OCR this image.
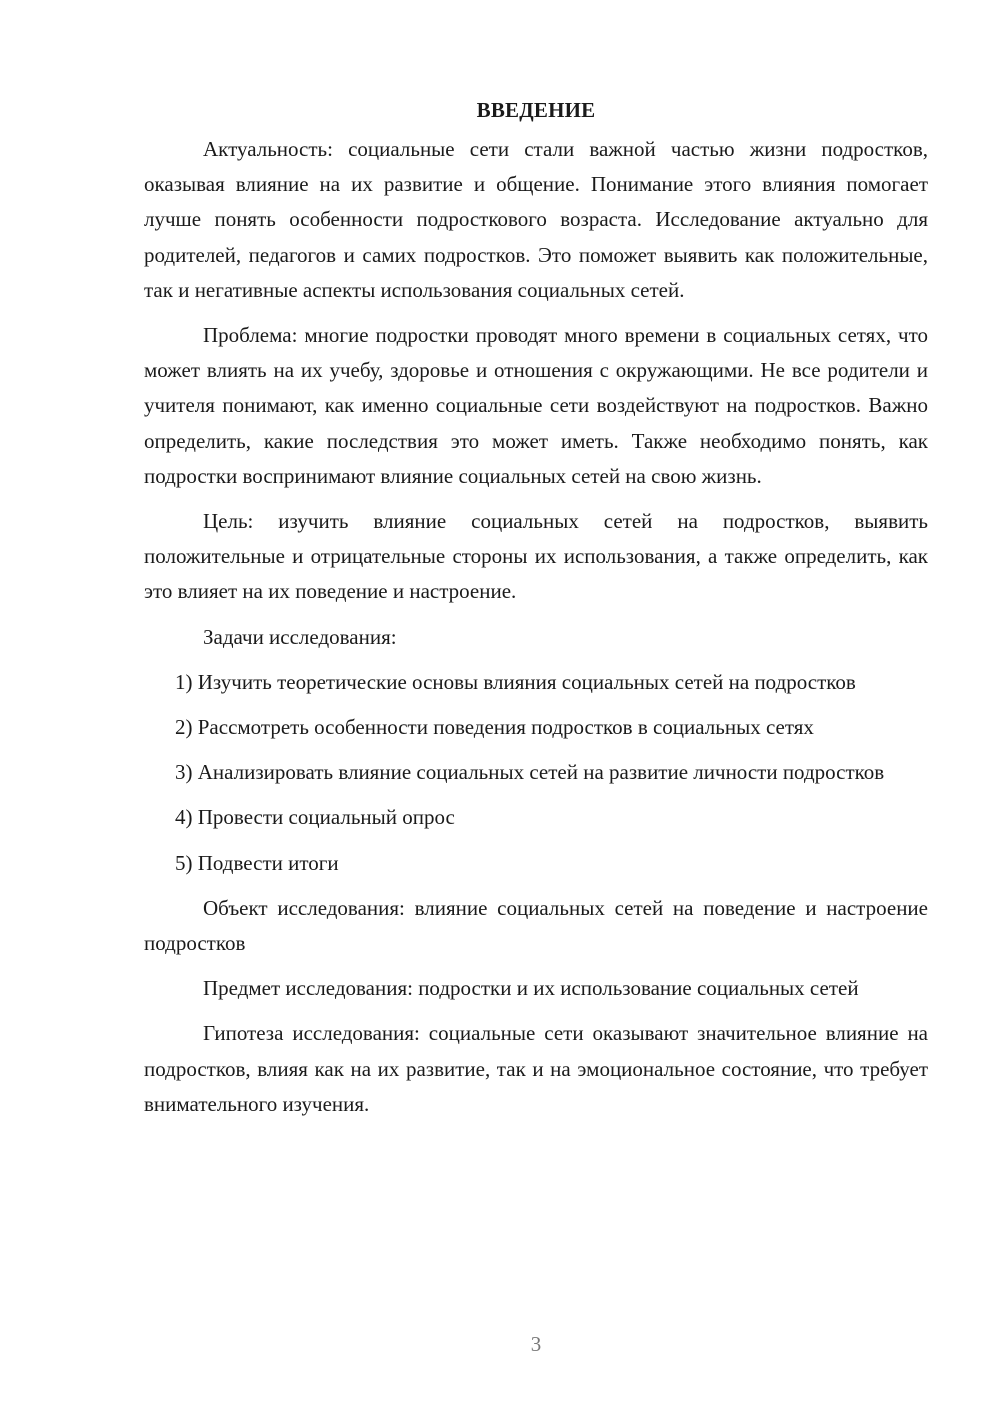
ВВЕДЕНИЕ

Актуальность: социальные сети стали важной частью жизни подростков, оказывая влияние на их развитие и общение. Понимание этого влияния помогает лучше понять особенности подросткового возраста. Исследование актуально для родителей, педагогов и самих подростков. Это поможет выявить как положительные, так и негативные аспекты использования социальных сетей.

Проблема: многие подростки проводят много времени в социальных сетях, что может влиять на их учебу, здоровье и отношения с окружающими. Не все родители и учителя понимают, как именно социальные сети воздействуют на подростков. Важно определить, какие последствия это может иметь. Также необходимо понять, как подростки воспринимают влияние социальных сетей на свою жизнь.

Цель: изучить влияние социальных сетей на подростков, выявить положительные и отрицательные стороны их использования, а также определить, как это влияет на их поведение и настроение.

Задачи исследования:

1) Изучить теоретические основы влияния социальных сетей на подростков

2) Рассмотреть особенности поведения подростков в социальных сетях

3) Анализировать влияние социальных сетей на развитие личности подростков

4) Провести социальный опрос

5) Подвести итоги

Объект исследования: влияние социальных сетей на поведение и настроение подростков

Предмет исследования: подростки и их использование социальных сетей

Гипотеза исследования: социальные сети оказывают значительное влияние на подростков, влияя как на их развитие, так и на эмоциональное состояние, что требует внимательного изучения.

3
